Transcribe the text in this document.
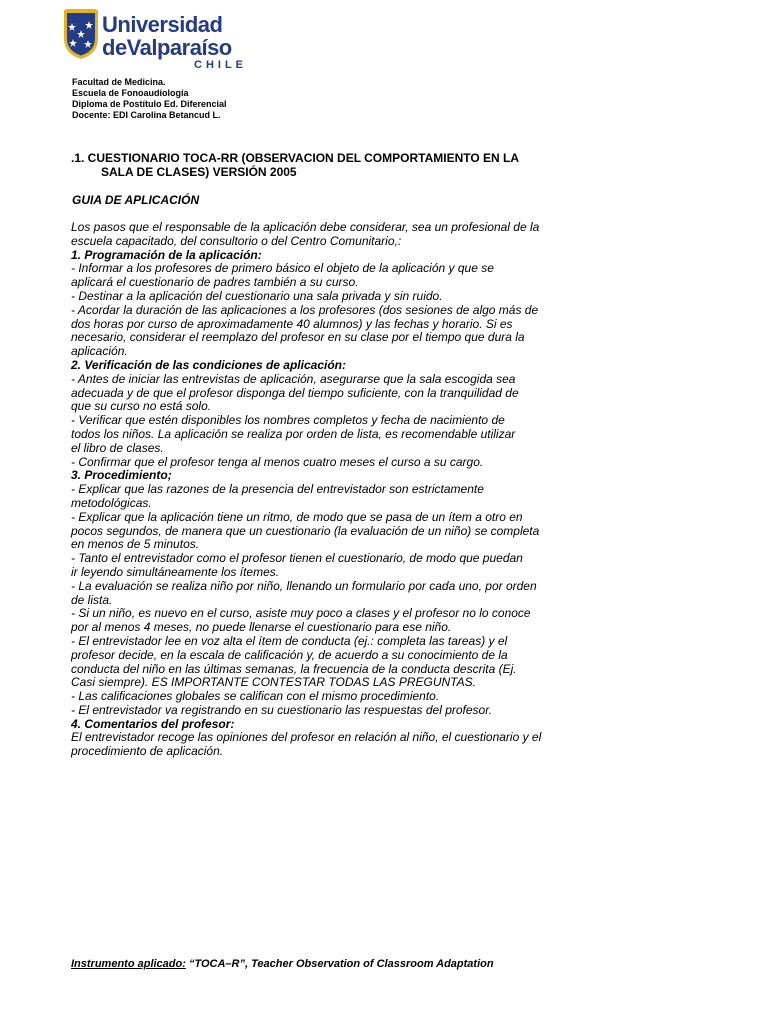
Universidad
deValparaíso
CHILE
Facultad de Medicina.
Escuela de Fonoaudiología
Diploma de Postítulo Ed. Diferencial
Docente: EDI Carolina Betancud L.
.1. CUESTIONARIO TOCA-RR (OBSERVACION DEL COMPORTAMIENTO EN LA
SALA DE CLASES) VERSIÓN 2005
GUIA DE APLICACIÓN
Los pasos que el responsable de la aplicación debe considerar, sea un profesional de la
escuela capacitado, del consultorio o del Centro Comunitario,:
1. Programación de la aplicación:
- Informar a los profesores de primero básico el objeto de la aplicación y que se
aplicará el cuestionario de padres también a su curso.
- Destinar a la aplicación del cuestionario una sala privada y sin ruido.
- Acordar la duración de las aplicaciones a los profesores (dos sesiones de algo más de
dos horas por curso de aproximadamente 40 alumnos) y las fechas y horario. Si es
necesario, considerar el reemplazo del profesor en su clase por el tiempo que dura la
aplicación.
2. Verificación de las condiciones de aplicación:
- Antes de iniciar las entrevistas de aplicación, asegurarse que la sala escogida sea
adecuada y de que el profesor disponga del tiempo suficiente, con la tranquilidad de
que su curso no está solo.
- Verificar que estén disponibles los nombres completos y fecha de nacimiento de
todos los niños. La aplicación se realiza por orden de lista, es recomendable utilizar
el libro de clases.
- Confirmar que el profesor tenga al menos cuatro meses el curso a su cargo.
3. Procedimiento;
- Explicar que las razones de la presencia del entrevistador son estrictamente
metodológicas.
- Explicar que la aplicación tiene un ritmo, de modo que se pasa de un ítem a otro en
pocos segundos, de manera que un cuestionario (la evaluación de un niño) se completa
en menos de 5 minutos.
- Tanto el entrevistador como el profesor tienen el cuestionario, de modo que puedan
ir leyendo simultáneamente los ítemes.
- La evaluación se realiza niño por niño, llenando un formulario por cada uno, por orden
de lista.
- Si un niño, es nuevo en el curso, asiste muy poco a clases y el profesor no lo conoce
por al menos 4 meses, no puede llenarse el cuestionario para ese niño.
- El entrevistador lee en voz alta el ítem de conducta (ej.: completa las tareas) y el
profesor decide, en la escala de calificación y, de acuerdo a su conocimiento de la
conducta del niño en las últimas semanas, la frecuencia de la conducta descrita (Ej.
Casi siempre). ES IMPORTANTE CONTESTAR TODAS LAS PREGUNTAS.
- Las calificaciones globales se califican con el mismo procedimiento.
- El entrevistador va registrando en su cuestionario las respuestas del profesor.
4. Comentarios del profesor:
El entrevistador recoge las opiniones del profesor en relación al niño, el cuestionario y el
procedimiento de aplicación.
Instrumento aplicado: “TOCA–R”, Teacher Observation of Classroom Adaptation
